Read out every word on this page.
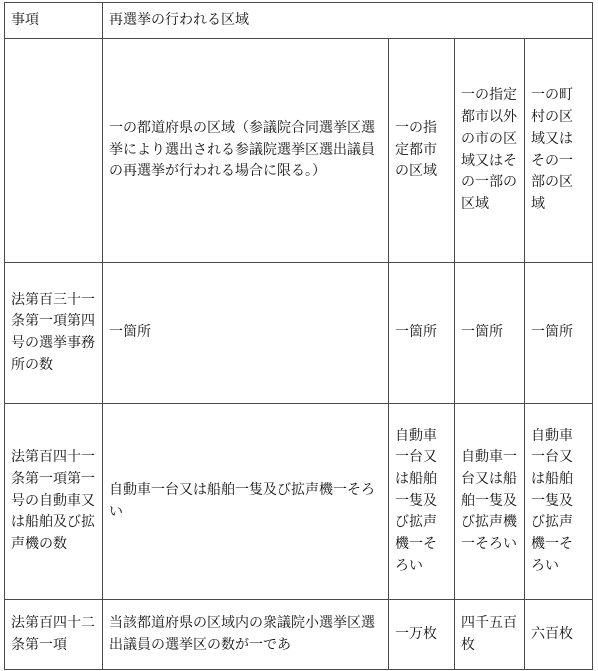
事項	再選挙の行われる区域			
	一の都道府県の区域（参議院合同選挙区選挙により選出される参議院選挙区選出議員の再選挙が行われる場合に限る。）	一の指定都市の区域	一の指定都市以外の市の区域又はその一部の区域	一の町村の区域又はその一部の区域
法第百三十一条第一項第四号の選挙事務所の数	一箇所	一箇所	一箇所	一箇所
法第百四十一条第一項第一号の自動車又は船舶及び拡声機の数	自動車一台又は船舶一隻及び拡声機一そろい	自動車一台又は船舶一隻及び拡声機一そろい	自動車一台又は船舶一隻及び拡声機一そろい	自動車一台又は船舶一隻及び拡声機一そろい
法第百四十二条第一項	当該都道府県の区域内の衆議院小選挙区選出議員の選挙区の数が一であ	一万枚	四千五百枚	六百枚
